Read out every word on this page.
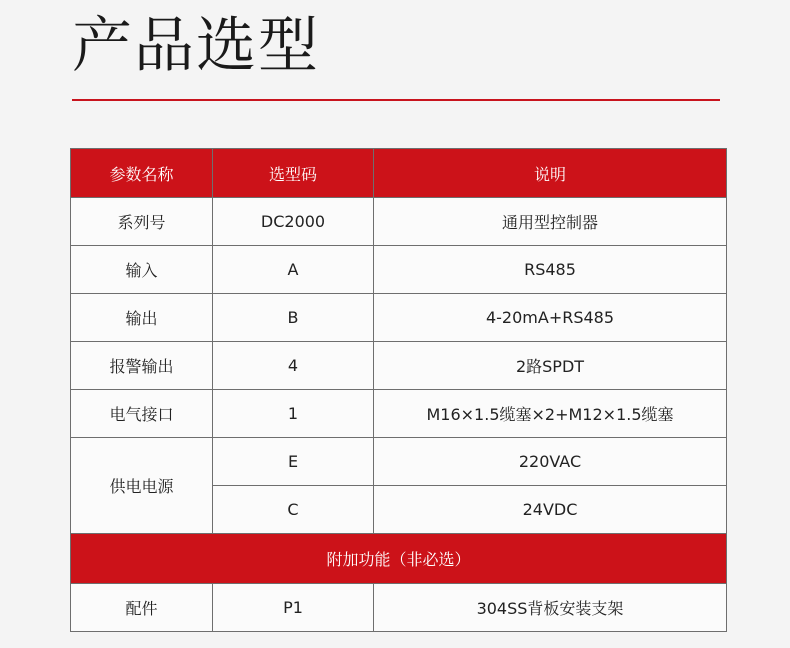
产品选型
参数名称	选型码	说明
系列号	DC2000	通用型控制器
输入	A	RS485
输出	B	4-20mA+RS485
报警输出	4	2路SPDT
电气接口	1	M16×1.5缆塞×2+M12×1.5缆塞
供电电源	E	220VAC
	C	24VDC
附加功能（非必选）		
配件	P1	304SS背板安装支架
